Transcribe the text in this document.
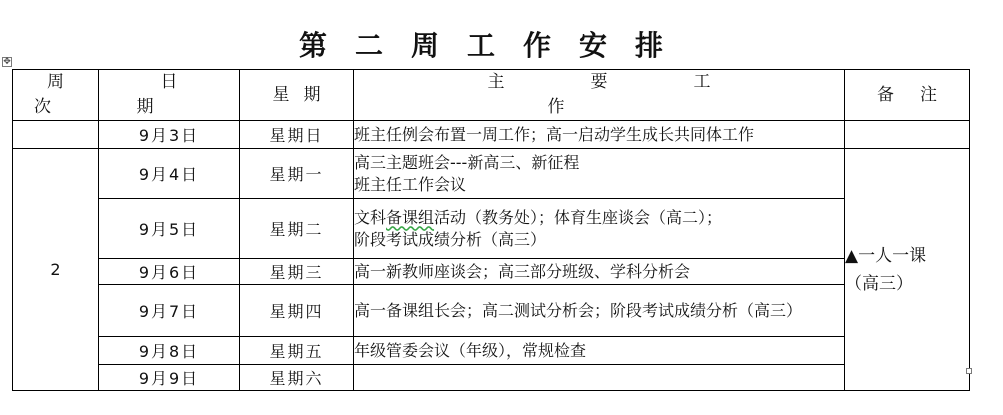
第二周工作安排
✥
周次	日期	星期	主要工作	备注
	9月3日	星期日	班主任例会布置一周工作；高一启动学生成长共同体工作	

2	9月4日	星期一	高三主题班会---新高三、新征程
班主任工作会议	▲一人一课
（高三）

	9月5日	星期二	文科备课组活动（教务处）；体育生座谈会（高二）；
阶段考试成绩分析（高三）	

	9月6日	星期三	高一新教师座谈会；高三部分班级、学科分析会	

	9月7日	星期四	高一备课组长会；高二测试分析会；阶段考试成绩分析（高三）	

	9月8日	星期五	年级管委会议（年级），常规检查	

	9月9日	星期六		
